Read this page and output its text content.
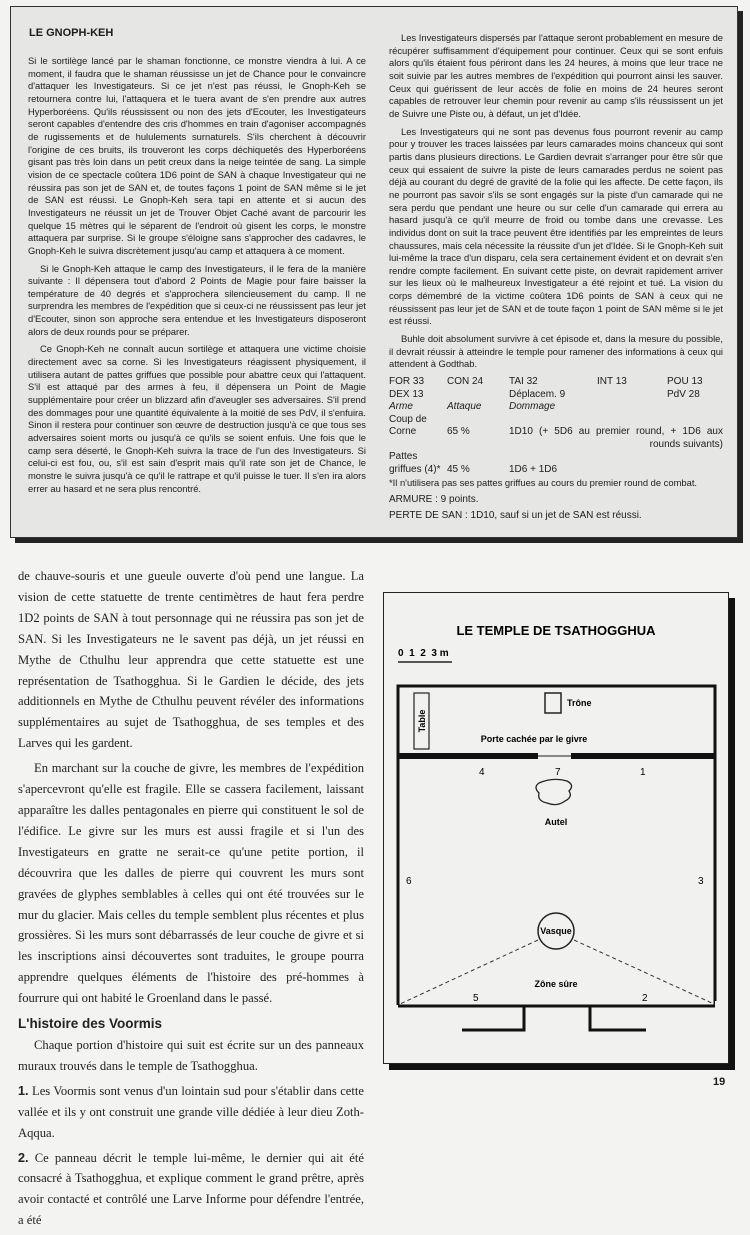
LE GNOPH-KEH

Si le sortilège lancé par le shaman fonctionne, ce monstre viendra à lui. A ce moment, il faudra que le shaman réussisse un jet de Chance pour le convaincre d'attaquer les Investigateurs. Si ce jet n'est pas réussi, le Gnoph-Keh se retournera contre lui, l'attaquera et le tuera avant de s'en prendre aux autres Hyperboréens. Qu'ils réussissent ou non des jets d'Ecouter, les Investigateurs seront capables d'entendre des cris d'hommes en train d'agoniser accompagnés de rugissements et de hululements surnaturels. S'ils cherchent à découvrir l'origine de ces bruits, ils trouveront les corps déchiquetés des Hyperboréens gisant pas très loin dans un petit creux dans la neige teintée de sang. La simple vision de ce spectacle coûtera 1D6 point de SAN à chaque Investigateur qui ne réussira pas son jet de SAN et, de toutes façons 1 point de SAN même si le jet de SAN est réussi. Le Gnoph-Keh sera tapi en attente et si aucun des Investigateurs ne réussit un jet de Trouver Objet Caché avant de parcourir les quelque 15 mètres qui le séparent de l'endroit où gisent les corps, le monstre attaquera par surprise. Si le groupe s'éloigne sans s'approcher des cadavres, le Gnoph-Keh le suivra discrètement jusqu'au camp et attaquera à ce moment.

Si le Gnoph-Keh attaque le camp des Investigateurs, il le fera de la manière suivante : Il dépensera tout d'abord 2 Points de Magie pour faire baisser la température de 40 degrés et s'approchera silencieusement du camp. Il ne surprendra les membres de l'expédition que si ceux-ci ne réussissent pas leur jet d'Ecouter, sinon son approche sera entendue et les Investigateurs disposeront alors de deux rounds pour se préparer.

Ce Gnoph-Keh ne connaît aucun sortilège et attaquera une victime choisie directement avec sa corne. Si les Investigateurs réagissent physiquement, il utilisera autant de pattes griffues que possible pour abattre ceux qui l'attaquent. S'il est attaqué par des armes à feu, il dépensera un Point de Magie supplémentaire pour créer un blizzard afin d'aveugler ses adversaires. S'il prend des dommages pour une quantité équivalente à la moitié de ses PdV, il s'enfuira. Sinon il restera pour continuer son œuvre de destruction jusqu'à ce que tous ses adversaires soient morts ou jusqu'à ce qu'ils se soient enfuis. Une fois que le camp sera déserté, le Gnoph-Keh suivra la trace de l'un des Investigateurs. Si celui-ci est fou, ou, s'il est sain d'esprit mais qu'il rate son jet de Chance, le monstre le suivra jusqu'à ce qu'il le rattrape et qu'il puisse le tuer. Il s'en ira alors errer au hasard et ne sera plus rencontré.

Les Investigateurs dispersés par l'attaque seront probablement en mesure de récupérer suffisamment d'équipement pour continuer. Ceux qui se sont enfuis alors qu'ils étaient fous périront dans les 24 heures, à moins que leur trace ne soit suivie par les autres membres de l'expédition qui pourront ainsi les sauver. Ceux qui guérissent de leur accès de folie en moins de 24 heures seront capables de retrouver leur chemin pour revenir au camp s'ils réussissent un jet de Suivre une Piste ou, à défaut, un jet d'Idée.

Les Investigateurs qui ne sont pas devenus fous pourront revenir au camp pour y trouver les traces laissées par leurs camarades moins chanceux qui sont partis dans plusieurs directions. Le Gardien devrait s'arranger pour être sûr que ceux qui essaient de suivre la piste de leurs camarades perdus ne soient pas déjà au courant du degré de gravité de la folie qui les affecte. De cette façon, ils ne pourront pas savoir s'ils se sont engagés sur la piste d'un camarade qui ne sera perdu que pendant une heure ou sur celle d'un camarade qui errera au hasard jusqu'à ce qu'il meurre de froid ou tombe dans une crevasse. Les individus dont on suit la trace peuvent être identifiés par les empreintes de leurs chaussures, mais cela nécessite la réussite d'un jet d'Idée. Si le Gnoph-Keh suit lui-même la trace d'un disparu, cela sera certainement évident et on devrait s'en rendre compte facilement. En suivant cette piste, on devrait rapidement arriver sur les lieux où le malheureux Investigateur a été rejoint et tué. La vision du corps démembré de la victime coûtera 1D6 points de SAN à ceux qui ne réussissent pas leur jet de SAN et de toute façon 1 point de SAN même si le jet est réussi.

Buhle doit absolument survivre à cet épisode et, dans la mesure du possible, il devrait réussir à atteindre le temple pour ramener des informations à ceux qui attendent à Godthab.

FOR 33	CON 24	TAI 32	INT 13	POU 13
DEX 13	Déplacem. 9	PdV 28
Arme	Attaque	Dommage
Coup de
Corne	65 %	1D10 (+ 5D6 au premier round, + 1D6 aux rounds suivants)
Pattes
griffues (4)* 45 %	1D6 + 1D6
*Il n'utilisera pas ses pattes griffues au cours du premier round de combat.
ARMURE : 9 points.
PERTE DE SAN : 1D10, sauf si un jet de SAN est réussi.

de chauve-souris et une gueule ouverte d'où pend une langue. La vision de cette statuette de trente centimètres de haut fera perdre 1D2 points de SAN à tout personnage qui ne réussira pas son jet de SAN. Si les Investigateurs ne le savent pas déjà, un jet réussi en Mythe de Cthulhu leur apprendra que cette statuette est une représentation de Tsathogghua. Si le Gardien le décide, des jets additionnels en Mythe de Cthulhu peuvent révéler des informations supplémentaires au sujet de Tsathogghua, de ses temples et des Larves qui les gardent.

En marchant sur la couche de givre, les membres de l'expédition s'apercevront qu'elle est fragile. Elle se cassera facilement, laissant apparaître les dalles pentagonales en pierre qui constituent le sol de l'édifice. Le givre sur les murs est aussi fragile et si l'un des Investigateurs en gratte ne serait-ce qu'une petite portion, il découvrira que les dalles de pierre qui couvrent les murs sont gravées de glyphes semblables à celles qui ont été trouvées sur le mur du glacier. Mais celles du temple semblent plus récentes et plus grossières. Si les murs sont débarrassés de leur couche de givre et si les inscriptions ainsi découvertes sont traduites, le groupe pourra apprendre quelques éléments de l'histoire des pré-hommes à fourrure qui ont habité le Groenland dans le passé.

L'histoire des Voormis

Chaque portion d'histoire qui suit est écrite sur un des panneaux muraux trouvés dans le temple de Tsathogghua.

1. Les Voormis sont venus d'un lointain sud pour s'établir dans cette vallée et ils y ont construit une grande ville dédiée à leur dieu Zoth-Aqqua.

2. Ce panneau décrit le temple lui-même, le dernier qui ait été consacré à Tsathogghua, et explique comment le grand prêtre, après avoir contacté et contrôlé une Larve Informe pour défendre l'entrée, a été

LE TEMPLE DE TSATHOGGHUA
0  1  2  3 m
Table
Trône
Porte cachée par le givre
Autel
Vasque
Zône sûre
4	7	1
6	3
5	2
19
